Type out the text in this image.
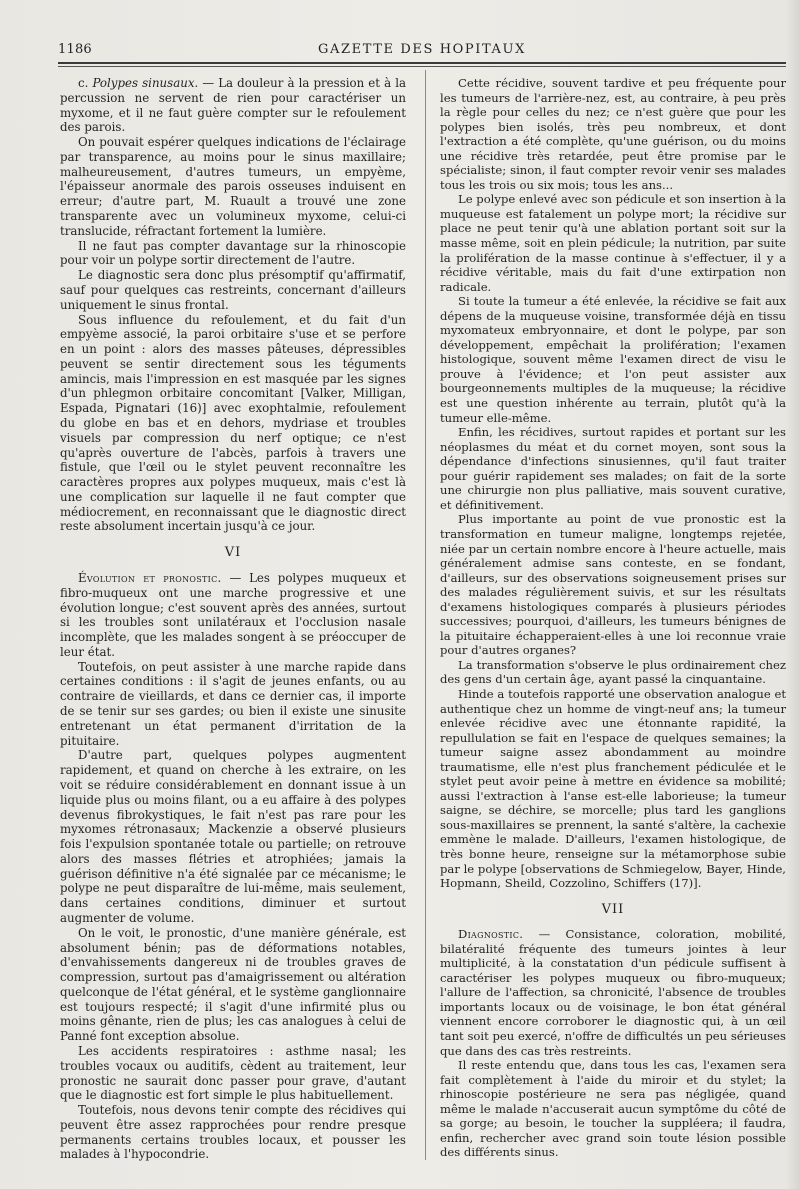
1186	GAZETTE DES HOPITAUX

c. Polypes sinusaux. — La douleur à la pression et à la percussion ne servent de rien pour caractériser un myxome, et il ne faut guère compter sur le refoulement des parois.

On pouvait espérer quelques indications de l'éclairage par transparence, au moins pour le sinus maxillaire; malheureusement, d'autres tumeurs, un empyème, l'épaisseur anormale des parois osseuses induisent en erreur; d'autre part, M. Ruault a trouvé une zone transparente avec un volumineux myxome, celui-ci translucide, réfractant fortement la lumière.

Il ne faut pas compter davantage sur la rhinoscopie pour voir un polype sortir directement de l'autre.

Le diagnostic sera donc plus présomptif qu'affirmatif, sauf pour quelques cas restreints, concernant d'ailleurs uniquement le sinus frontal.

Sous influence du refoulement, et du fait d'un empyème associé, la paroi orbitaire s'use et se perfore en un point : alors des masses pâteuses, dépressibles peuvent se sentir directement sous les téguments amincis, mais l'impression en est masquée par les signes d'un phlegmon orbitaire concomitant [Valker, Milligan, Espada, Pignatari (16)] avec exophtalmie, refoulement du globe en bas et en dehors, mydriase et troubles visuels par compression du nerf optique; ce n'est qu'après ouverture de l'abcès, parfois à travers une fistule, que l'œil ou le stylet peuvent reconnaître les caractères propres aux polypes muqueux, mais c'est là une complication sur laquelle il ne faut compter que médiocrement, en reconnaissant que le diagnostic direct reste absolument incertain jusqu'à ce jour.

VI

Évolution et pronostic. — Les polypes muqueux et fibro-muqueux ont une marche progressive et une évolution longue; c'est souvent après des années, surtout si les troubles sont unilatéraux et l'occlusion nasale incomplète, que les malades songent à se préoccuper de leur état.

Toutefois, on peut assister à une marche rapide dans certaines conditions : il s'agit de jeunes enfants, ou au contraire de vieillards, et dans ce dernier cas, il importe de se tenir sur ses gardes; ou bien il existe une sinusite entretenant un état permanent d'irritation de la pituitaire.

D'autre part, quelques polypes augmentent rapidement, et quand on cherche à les extraire, on les voit se réduire considérablement en donnant issue à un liquide plus ou moins filant, ou a eu affaire à des polypes devenus fibrokystiques, le fait n'est pas rare pour les myxomes rétronasaux; Mackenzie a observé plusieurs fois l'expulsion spontanée totale ou partielle; on retrouve alors des masses flétries et atrophiées; jamais la guérison définitive n'a été signalée par ce mécanisme; le polype ne peut disparaître de lui-même, mais seulement, dans certaines conditions, diminuer et surtout augmenter de volume.

On le voit, le pronostic, d'une manière générale, est absolument bénin; pas de déformations notables, d'envahissements dangereux ni de troubles graves de compression, surtout pas d'amaigrissement ou altération quelconque de l'état général, et le système ganglionnaire est toujours respecté; il s'agit d'une infirmité plus ou moins gênante, rien de plus; les cas analogues à celui de Panné font exception absolue.

Les accidents respiratoires : asthme nasal; les troubles vocaux ou auditifs, cèdent au traitement, leur pronostic ne saurait donc passer pour grave, d'autant que le diagnostic est fort simple le plus habituellement.

Toutefois, nous devons tenir compte des récidives qui peuvent être assez rapprochées pour rendre presque permanents certains troubles locaux, et pousser les malades à l'hypocondrie.

Cette récidive, souvent tardive et peu fréquente pour les tumeurs de l'arrière-nez, est, au contraire, à peu près la règle pour celles du nez; ce n'est guère que pour les polypes bien isolés, très peu nombreux, et dont l'extraction a été complète, qu'une guérison, ou du moins une récidive très retardée, peut être promise par le spécialiste; sinon, il faut compter revoir venir ses malades tous les trois ou six mois; tous les ans...

Le polype enlevé avec son pédicule et son insertion à la muqueuse est fatalement un polype mort; la récidive sur place ne peut tenir qu'à une ablation portant soit sur la masse même, soit en plein pédicule; la nutrition, par suite la prolifération de la masse continue à s'effectuer, il y a récidive véritable, mais du fait d'une extirpation non radicale.

Si toute la tumeur a été enlevée, la récidive se fait aux dépens de la muqueuse voisine, transformée déjà en tissu myxomateux embryonnaire, et dont le polype, par son développement, empêchait la prolifération; l'examen histologique, souvent même l'examen direct de visu le prouve à l'évidence; et l'on peut assister aux bourgeonnements multiples de la muqueuse; la récidive est une question inhérente au terrain, plutôt qu'à la tumeur elle-même.

Enfin, les récidives, surtout rapides et portant sur les néoplasmes du méat et du cornet moyen, sont sous la dépendance d'infections sinusiennes, qu'il faut traiter pour guérir rapidement ses malades; on fait de la sorte une chirurgie non plus palliative, mais souvent curative, et définitivement.

Plus importante au point de vue pronostic est la transformation en tumeur maligne, longtemps rejetée, niée par un certain nombre encore à l'heure actuelle, mais généralement admise sans conteste, en se fondant, d'ailleurs, sur des observations soigneusement prises sur des malades régulièrement suivis, et sur les résultats d'examens histologiques comparés à plusieurs périodes successives; pourquoi, d'ailleurs, les tumeurs bénignes de la pituitaire échapperaient-elles à une loi reconnue vraie pour d'autres organes?

La transformation s'observe le plus ordinairement chez des gens d'un certain âge, ayant passé la cinquantaine.

Hinde a toutefois rapporté une observation analogue et authentique chez un homme de vingt-neuf ans; la tumeur enlevée récidive avec une étonnante rapidité, la repullulation se fait en l'espace de quelques semaines; la tumeur saigne assez abondamment au moindre traumatisme, elle n'est plus franchement pédiculée et le stylet peut avoir peine à mettre en évidence sa mobilité; aussi l'extraction à l'anse est-elle laborieuse; la tumeur saigne, se déchire, se morcelle; plus tard les ganglions sous-maxillaires se prennent, la santé s'altère, la cachexie emmène le malade. D'ailleurs, l'examen histologique, de très bonne heure, renseigne sur la métamorphose subie par le polype [observations de Schmiegelow, Bayer, Hinde, Hopmann, Sheild, Cozzolino, Schiffers (17)].

VII

Diagnostic. — Consistance, coloration, mobilité, bilatéralité fréquente des tumeurs jointes à leur multiplicité, à la constatation d'un pédicule suffisent à caractériser les polypes muqueux ou fibro-muqueux; l'allure de l'affection, sa chronicité, l'absence de troubles importants locaux ou de voisinage, le bon état général viennent encore corroborer le diagnostic qui, à un œil tant soit peu exercé, n'offre de difficultés un peu sérieuses que dans des cas très restreints.

Il reste entendu que, dans tous les cas, l'examen sera fait complètement à l'aide du miroir et du stylet; la rhinoscopie postérieure ne sera pas négligée, quand même le malade n'accuserait aucun symptôme du côté de sa gorge; au besoin, le toucher la suppléera; il faudra, enfin, rechercher avec grand soin toute lésion possible des différents sinus.
